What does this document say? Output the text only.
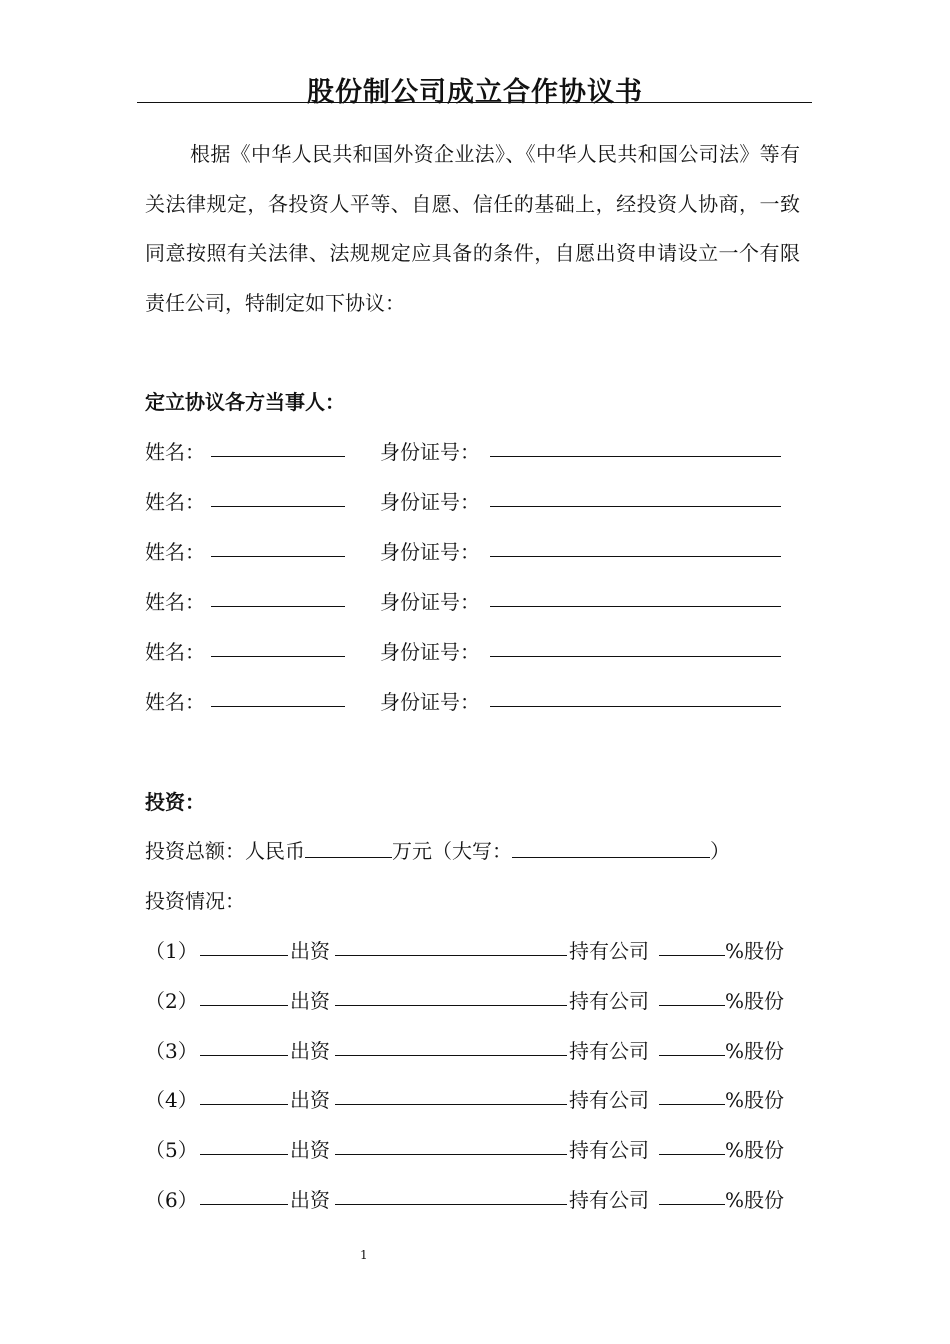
股份制公司成立合作协议书
根据《中华人民共和国外资企业法》、《中华人民共和国公司法》等有关法律规定，各投资人平等、自愿、信任的基础上，经投资人协商，一致同意按照有关法律、法规规定应具备的条件，自愿出资申请设立一个有限责任公司，特制定如下协议：
定立协议各方当事人：
姓名：	身份证号：
姓名：	身份证号：
姓名：	身份证号：
姓名：	身份证号：
姓名：	身份证号：
姓名：	身份证号：
投资：
投资总额：人民币	万元（大写：	）
投资情况：
（1）	出资	持有公司	%股份
（2）	出资	持有公司	%股份
（3）	出资	持有公司	%股份
（4）	出资	持有公司	%股份
（5）	出资	持有公司	%股份
（6）	出资	持有公司	%股份
1
